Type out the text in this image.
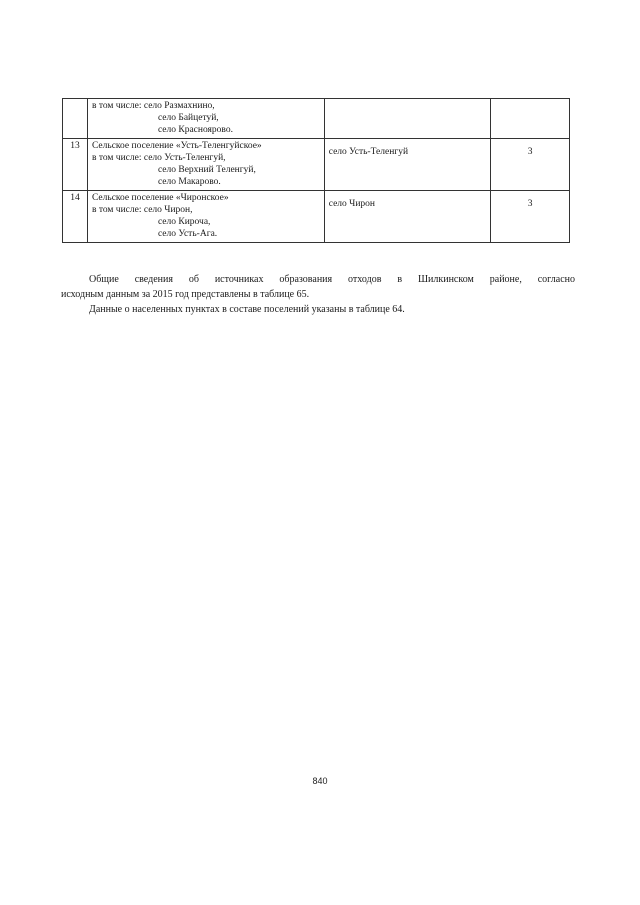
	в том числе: село Размахнино,
село Байцетуй,
село Красноярово.		

13	Сельское поселение «Усть-Теленгуйское»
в том числе: село Усть-Теленгуй,
село Верхний Теленгуй,
село Макарово.	село Усть-Теленгуй	3

14	Сельское поселение «Чиронское»
в том числе: село Чирон,
село Кироча,
село Усть-Ага.	село Чирон	3

Общие сведения об источниках образования отходов в Шилкинском районе, согласно
исходным данным за 2015 год представлены в таблице 65.

Данные о населенных пунктах в составе поселений указаны в таблице 64.

840
